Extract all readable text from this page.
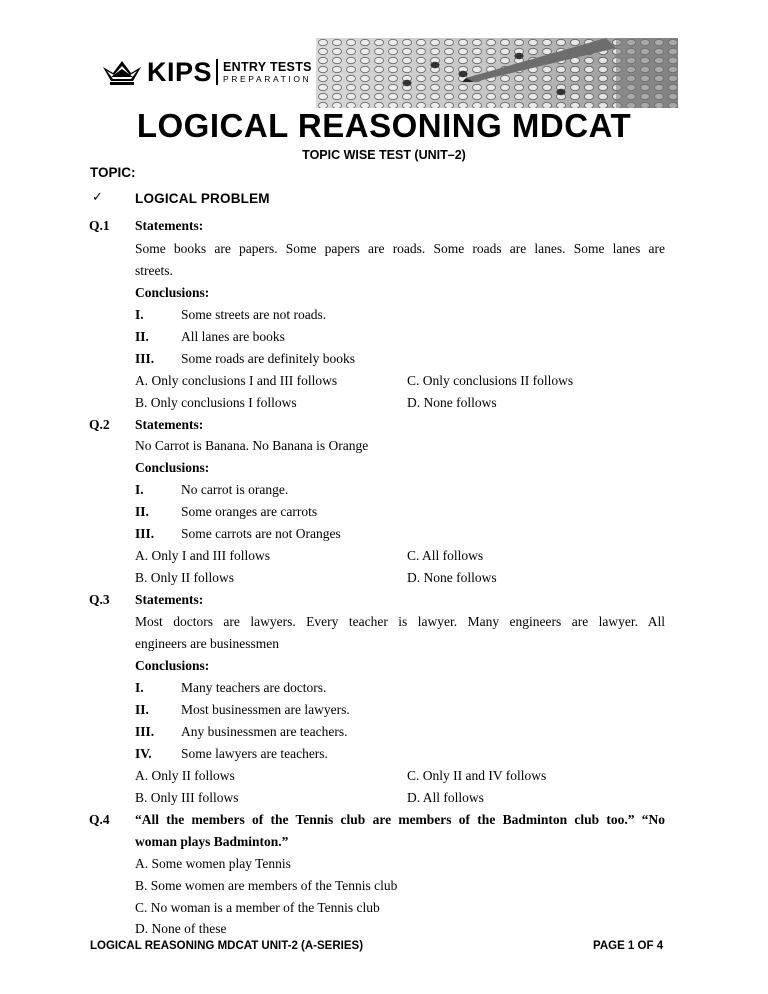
KIPS ENTRY TESTS
PREPARATION
LOGICAL REASONING MDCAT
TOPIC WISE TEST (UNIT–2)
TOPIC:
✓ LOGICAL PROBLEM
Q.1 Statements:
Some books are papers. Some papers are roads. Some roads are lanes. Some lanes are
streets.
Conclusions:
I.	Some streets are not roads.
II. All lanes are books
III. Some roads are definitely books
A. Only conclusions I and III follows	C. Only conclusions II follows
B. Only conclusions I follows	D. None follows
Q.2 Statements:
No Carrot is Banana. No Banana is Orange
Conclusions:
I.	No carrot is orange.
II. Some oranges are carrots
III. Some carrots are not Oranges
A. Only I and III follows	C. All follows
B. Only II follows	D. None follows
Q.3 Statements:
Most doctors are lawyers. Every teacher is lawyer. Many engineers are lawyer. All
engineers are businessmen
Conclusions:
I.	Many teachers are doctors.
II. Most businessmen are lawyers.
III. Any businessmen are teachers.
IV. Some lawyers are teachers.
A. Only II follows	C. Only II and IV follows
B. Only III follows	D. All follows
Q.4 “All the members of the Tennis club are members of the Badminton club too.” “No
woman plays Badminton.”
A. Some women play Tennis
B. Some women are members of the Tennis club
C. No woman is a member of the Tennis club
D. None of these
LOGICAL REASONING MDCAT UNIT-2 (A-SERIES)	PAGE 1 OF 4
